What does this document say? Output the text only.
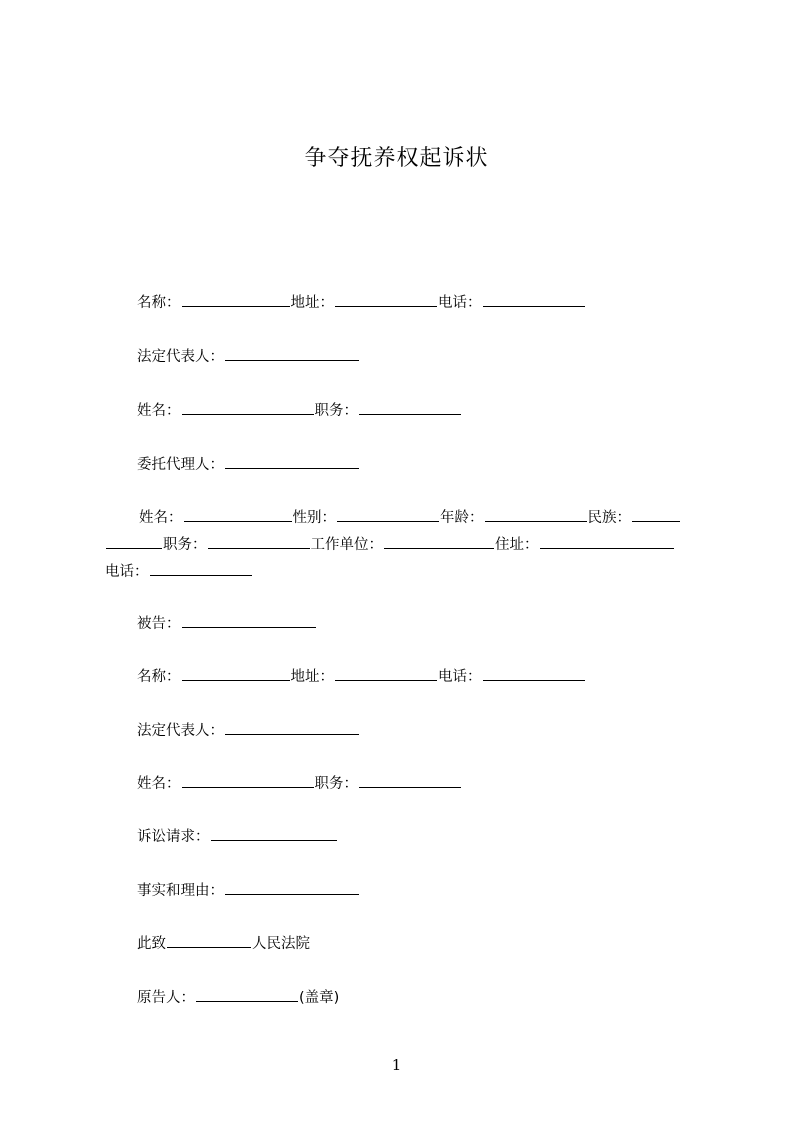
争夺抚养权起诉状
名称：	地址：	电话：
法定代表人：
姓名：	职务：
委托代理人：
姓名：	性别：	年龄：	民族：
职务：	工作单位：	住址：
电话：
被告：
名称：	地址：	电话：
法定代表人：
姓名：	职务：
诉讼请求：
事实和理由：
此致	人民法院
原告人：	(盖章)
1
